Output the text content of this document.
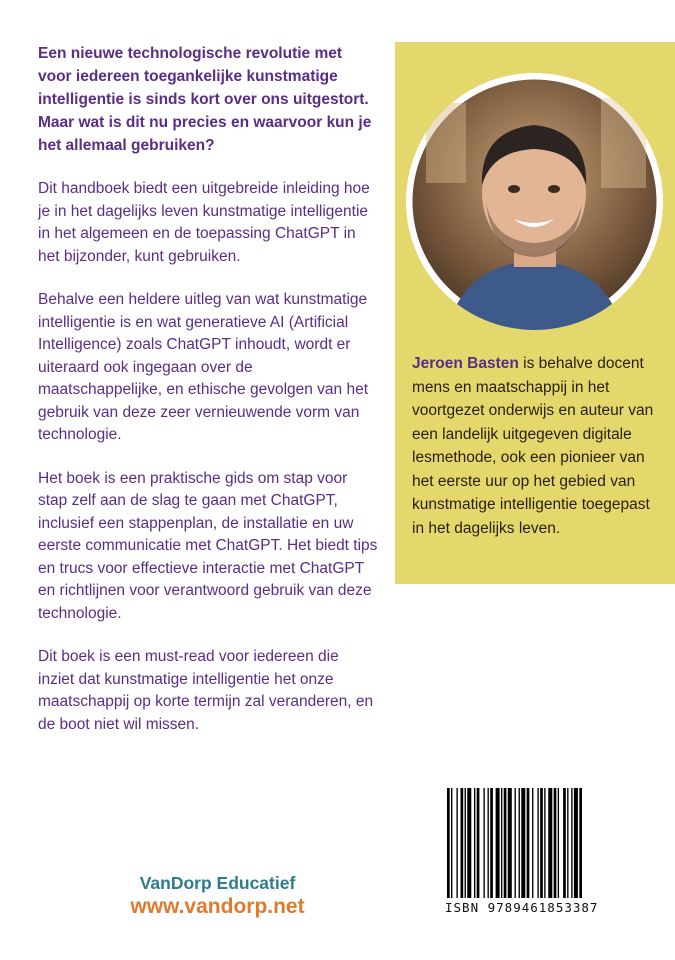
Een nieuwe technologische revolutie met voor iedereen toegankelijke kunstmatige intelligentie is sinds kort over ons uitgestort. Maar wat is dit nu precies en waarvoor kun je het allemaal gebruiken?

Dit handboek biedt een uitgebreide inleiding hoe je in het dagelijks leven kunstmatige intelligentie in het algemeen en de toepassing ChatGPT in het bijzonder, kunt gebruiken.

Behalve een heldere uitleg van wat kunstmatige intelligentie is en wat generatieve AI (Artificial Intelligence) zoals ChatGPT inhoudt, wordt er uiteraard ook ingegaan over de maatschappelijke, en ethische gevolgen van het gebruik van deze zeer vernieuwende vorm van technologie.

Het boek is een praktische gids om stap voor stap zelf aan de slag te gaan met ChatGPT, inclusief een stappenplan, de installatie en uw eerste communicatie met ChatGPT. Het biedt tips en trucs voor effectieve interactie met ChatGPT en richtlijnen voor verantwoord gebruik van deze technologie.

Dit boek is een must-read voor iedereen die inziet dat kunstmatige intelligentie het onze maatschappij op korte termijn zal veranderen, en de boot niet wil missen.

Jeroen Basten is behalve docent mens en maatschappij in het voortgezet onderwijs en auteur van een landelijk uitgegeven digitale lesmethode, ook een pionieer van het eerste uur op het gebied van kunstmatige intelligentie toegepast in het dagelijks leven.
VanDorp Educatief
www.vandorp.net	ISBN 9789461853387
